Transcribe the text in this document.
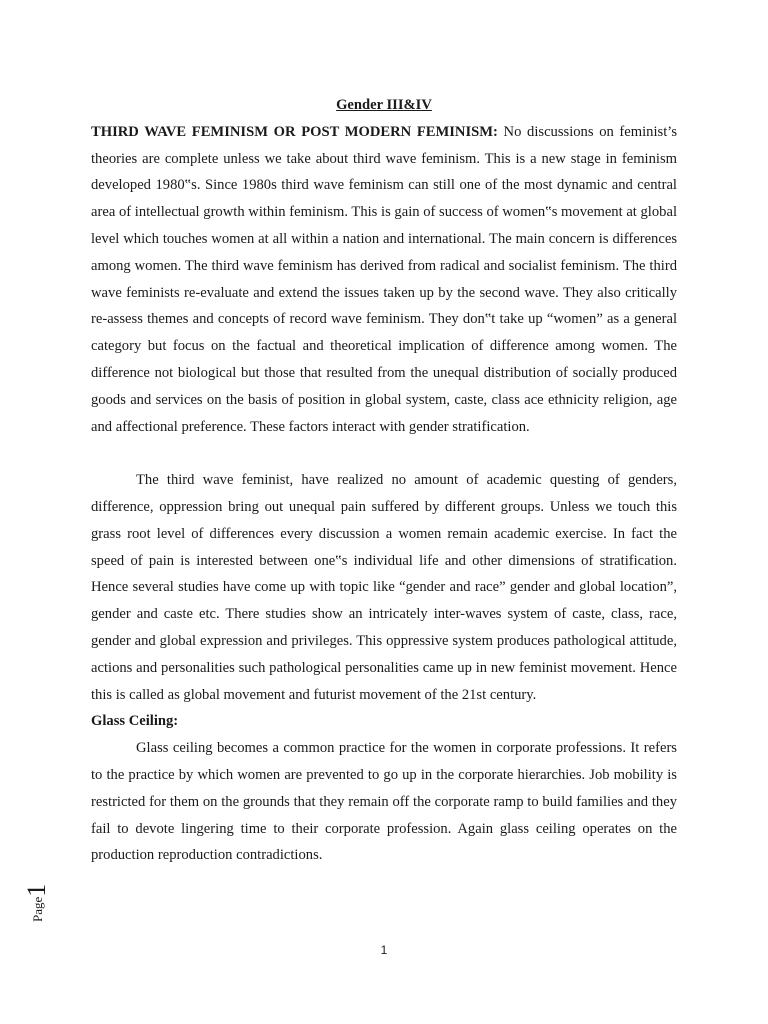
Gender III&IV

THIRD WAVE FEMINISM OR POST MODERN FEMINISM: No discussions on feminist’s theories are complete unless we take about third wave feminism. This is a new stage in feminism developed 1980‟s. Since 1980s third wave feminism can still one of the most dynamic and central area of intellectual growth within feminism. This is gain of success of women‟s movement at global level which touches women at all within a nation and international. The main concern is differences among women. The third wave feminism has derived from radical and socialist feminism. The third wave feminists re-evaluate and extend the issues taken up by the second wave. They also critically re-assess themes and concepts of record wave feminism. They don‟t take up “women” as a general category but focus on the factual and theoretical implication of difference among women. The difference not biological but those that resulted from the unequal distribution of socially produced goods and services on the basis of position in global system, caste, class ace ethnicity religion, age and affectional preference. These factors interact with gender stratification.

The third wave feminist, have realized no amount of academic questing of genders, difference, oppression bring out unequal pain suffered by different groups. Unless we touch this grass root level of differences every discussion a women remain academic exercise. In fact the speed of pain is interested between one‟s individual life and other dimensions of stratification. Hence several studies have come up with topic like “gender and race” gender and global location”, gender and caste etc. There studies show an intricately inter-waves system of caste, class, race, gender and global expression and privileges. This oppressive system produces pathological attitude, actions and personalities such pathological personalities came up in new feminist movement. Hence this is called as global movement and futurist movement of the 21st century.

Glass Ceiling:

Glass ceiling becomes a common practice for the women in corporate professions. It refers to the practice by which women are prevented to go up in the corporate hierarchies. Job mobility is restricted for them on the grounds that they remain off the corporate ramp to build families and they fail to devote lingering time to their corporate profession. Again glass ceiling operates on the production reproduction contradictions.

Page1
1
